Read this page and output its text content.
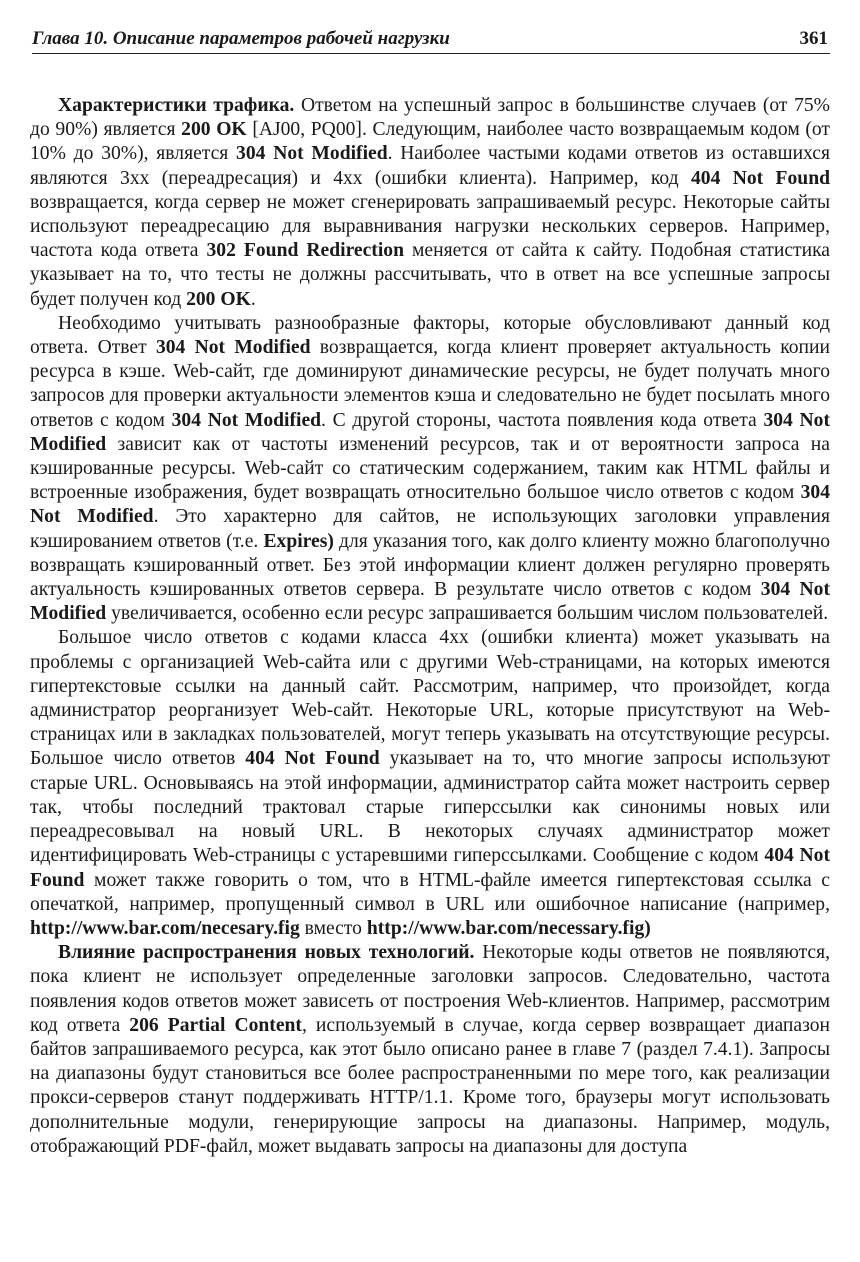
Глава 10. Описание параметров рабочей нагрузки	361

Характеристики трафика. Ответом на успешный запрос в большинстве случаев (от 75% до 90%) является 200 OK [AJ00, PQ00]. Следующим, наиболее часто возвращаемым кодом (от 10% до 30%), является 304 Not Modified. Наиболее частыми кодами ответов из оставшихся являются 3xx (переадресация) и 4xx (ошибки клиента). Например, код 404 Not Found возвращается, когда сервер не может сгенерировать запрашиваемый ресурс. Некоторые сайты используют переадресацию для выравнивания нагрузки нескольких серверов. Например, частота кода ответа 302 Found Redirection меняется от сайта к сайту. Подобная статистика указывает на то, что тесты не должны рассчитывать, что в ответ на все успешные запросы будет получен код 200 OK.

Необходимо учитывать разнообразные факторы, которые обусловливают данный код ответа. Ответ 304 Not Modified возвращается, когда клиент проверяет актуальность копии ресурса в кэше. Web-сайт, где доминируют динамические ресурсы, не будет получать много запросов для проверки актуальности элементов кэша и следовательно не будет посылать много ответов с кодом 304 Not Modified. С другой стороны, частота появления кода ответа 304 Not Modified зависит как от частоты изменений ресурсов, так и от вероятности запроса на кэшированные ресурсы. Web-сайт со статическим содержанием, таким как HTML файлы и встроенные изображения, будет возвращать относительно большое число ответов с кодом 304 Not Modified. Это характерно для сайтов, не использующих заголовки управления кэшированием ответов (т.е. Expires) для указания того, как долго клиенту можно благополучно возвращать кэшированный ответ. Без этой информации клиент должен регулярно проверять актуальность кэшированных ответов сервера. В результате число ответов с кодом 304 Not Modified увеличивается, особенно если ресурс запрашивается большим числом пользователей.

Большое число ответов с кодами класса 4xx (ошибки клиента) может указывать на проблемы с организацией Web-сайта или с другими Web-страницами, на которых имеются гипертекстовые ссылки на данный сайт. Рассмотрим, например, что произойдет, когда администратор реорганизует Web-сайт. Некоторые URL, которые присутствуют на Web-страницах или в закладках пользователей, могут теперь указывать на отсутствующие ресурсы. Большое число ответов 404 Not Found указывает на то, что многие запросы используют старые URL. Основываясь на этой информации, администратор сайта может настроить сервер так, чтобы последний трактовал старые гиперссылки как синонимы новых или переадресовывал на новый URL. В некоторых случаях администратор может идентифицировать Web-страницы с устаревшими гиперссылками. Сообщение с кодом 404 Not Found может также говорить о том, что в HTML-файле имеется гипертекстовая ссылка с опечаткой, например, пропущенный символ в URL или ошибочное написание (например, http://www.bar.com/necesary.fig вместо http://www.bar.com/necessary.fig)

Влияние распространения новых технологий. Некоторые коды ответов не появляются, пока клиент не использует определенные заголовки запросов. Следовательно, частота появления кодов ответов может зависеть от построения Web-клиентов. Например, рассмотрим код ответа 206 Partial Content, используемый в случае, когда сервер возвращает диапазон байтов запрашиваемого ресурса, как этот было описано ранее в главе 7 (раздел 7.4.1). Запросы на диапазоны будут становиться все более распространенными по мере того, как реализации прокси-серверов станут поддерживать HTTP/1.1. Кроме того, браузеры могут использовать дополнительные модули, генерирующие запросы на диапазоны. Например, модуль, отображающий PDF-файл, может выдавать запросы на диапазоны для доступа
